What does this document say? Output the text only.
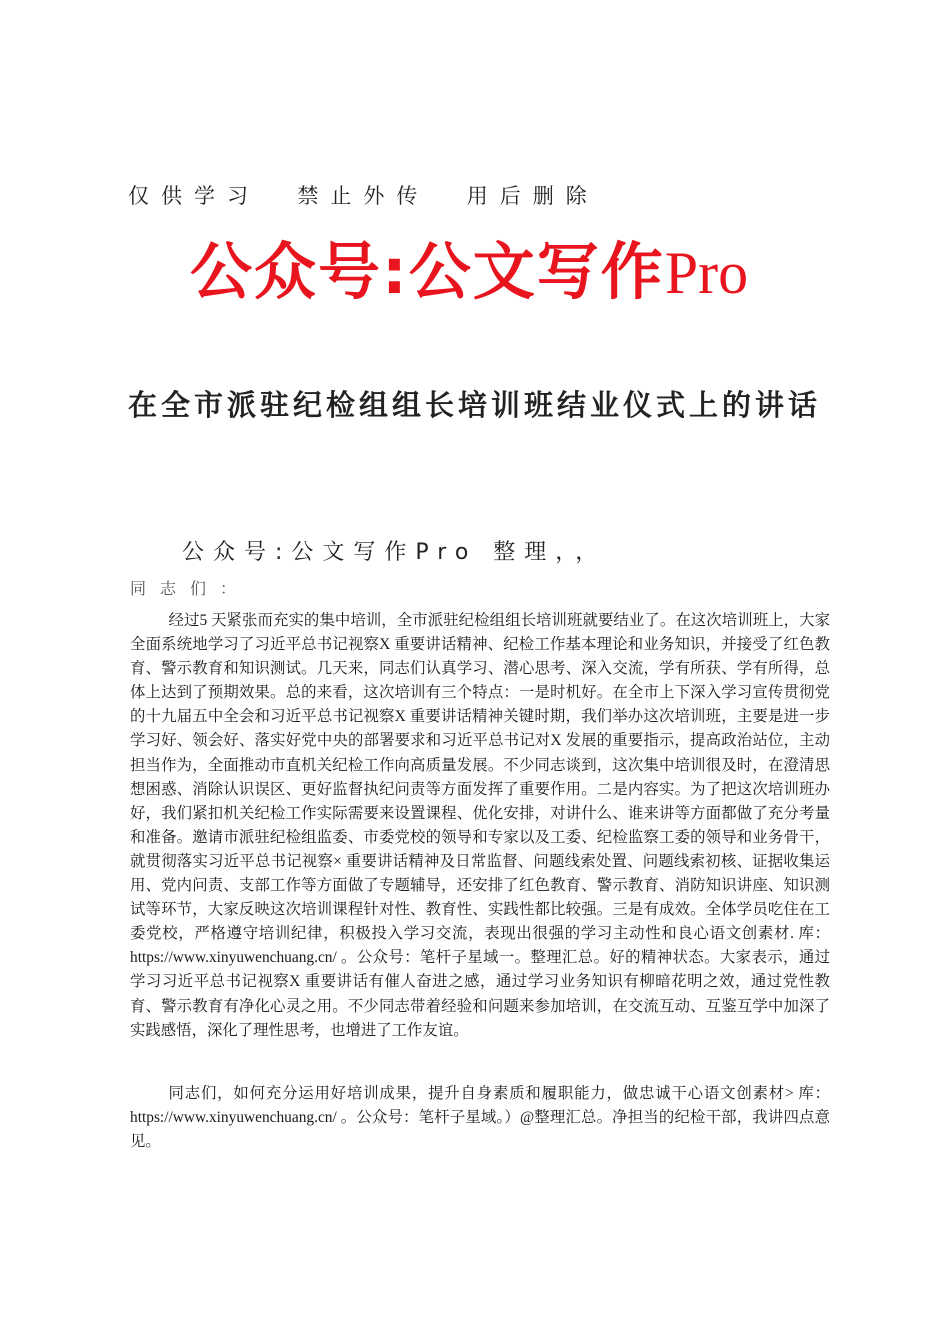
仅供学习  禁止外传  用后删除
公众号:公文写作Pro
在全市派驻纪检组组长培训班结业仪式上的讲话
公众号:公文写作Pro 整理，，
同志们：
经过5 天紧张而充实的集中培训，全市派驻纪检组组长培训班就要结业了。在这次培训班上，大家全面系统地学习了习近平总书记视察X 重要讲话精神、纪检工作基本理论和业务知识，并接受了红色教育、警示教育和知识测试。几天来，同志们认真学习、潜心思考、深入交流，学有所获、学有所得，总体上达到了预期效果。总的来看，这次培训有三个特点：一是时机好。在全市上下深入学习宣传贯彻党的十九届五中全会和习近平总书记视察X 重要讲话精神关键时期，我们举办这次培训班，主要是进一步学习好、领会好、落实好党中央的部署要求和习近平总书记对X 发展的重要指示，提高政治站位，主动担当作为，全面推动市直机关纪检工作向高质量发展。不少同志谈到，这次集中培训很及时，在澄清思想困惑、消除认识误区、更好监督执纪问责等方面发挥了重要作用。二是内容实。为了把这次培训班办好，我们紧扣机关纪检工作实际需要来设置课程、优化安排，对讲什么、谁来讲等方面都做了充分考量和准备。邀请市派驻纪检组监委、市委党校的领导和专家以及工委、纪检监察工委的领导和业务骨干，就贯彻落实习近平总书记视察× 重要讲话精神及日常监督、问题线索处置、问题线索初核、证据收集运用、党内问责、支部工作等方面做了专题辅导，还安排了红色教育、警示教育、消防知识讲座、知识测试等环节，大家反映这次培训课程针对性、教育性、实践性都比较强。三是有成效。全体学员吃住在工委党校，严格遵守培训纪律，积极投入学习交流，表现出很强的学习主动性和良心语文创素材. 库：https://www.xinyuwenchuang.cn/ 。公众号：笔杆子星域一。整理汇总。好的精神状态。大家表示，通过学习习近平总书记视察X 重要讲话有催人奋进之感，通过学习业务知识有柳暗花明之效，通过党性教育、警示教育有净化心灵之用。不少同志带着经验和问题来参加培训，在交流互动、互鉴互学中加深了实践感悟，深化了理性思考，也增进了工作友谊。
同志们，如何充分运用好培训成果，提升自身素质和履职能力，做忠诚干心语文创素材> 库：https://www.xinyuwenchuang.cn/ 。公众号：笔杆子星域。）@整理汇总。净担当的纪检干部，我讲四点意见。
